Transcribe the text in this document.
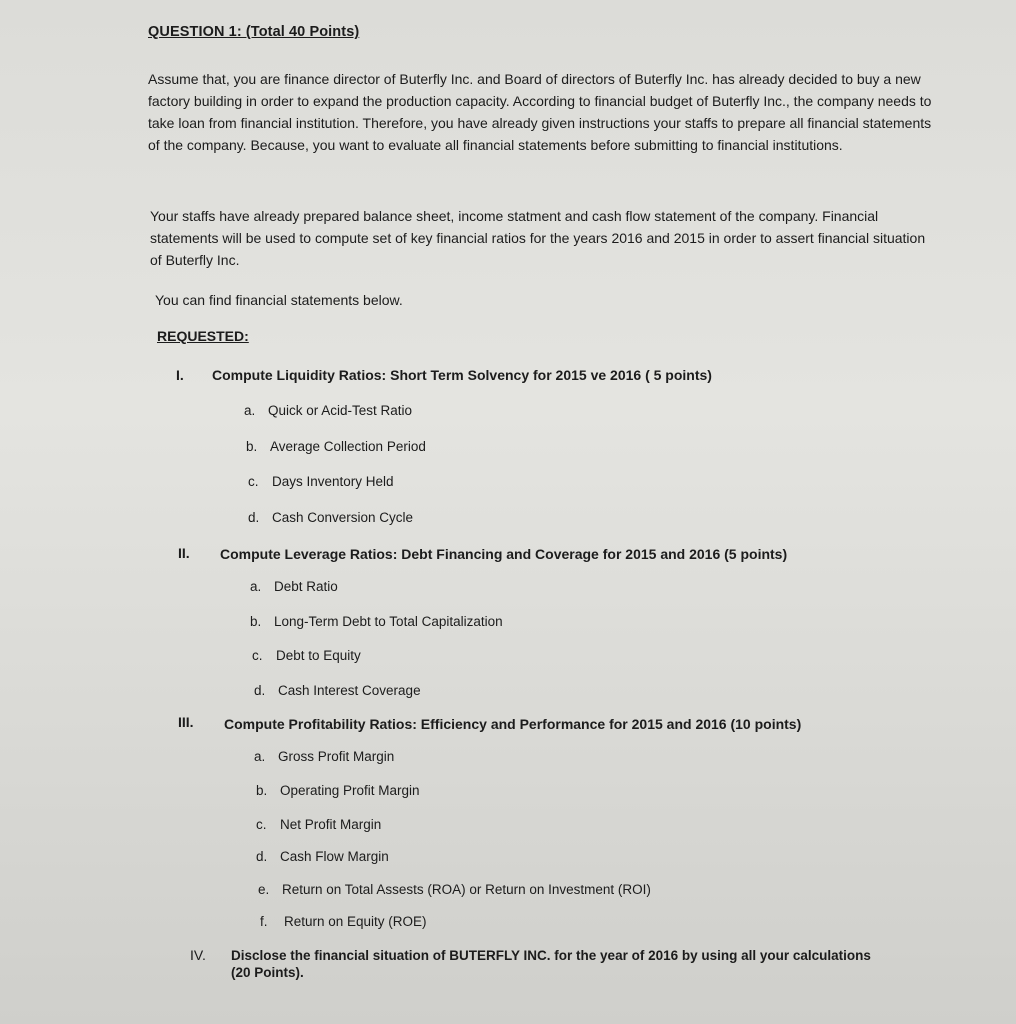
QUESTION 1: (Total 40 Points)

Assume that, you are finance director of Buterfly Inc. and Board of directors of Buterfly Inc. has already decided to buy a new factory building in order to expand the production capacity. According to financial budget of Buterfly Inc., the company needs to take loan from financial institution. Therefore, you have already given instructions your staffs to prepare all financial statements of the company. Because, you want to evaluate all financial statements before submitting to financial institutions.

Your staffs have already prepared balance sheet, income statment and cash flow statement of the company. Financial statements will be used to compute set of key financial ratios for the years 2016 and 2015 in order to assert financial situation of Buterfly Inc.

You can find financial statements below.

REQUESTED:
I. Compute Liquidity Ratios: Short Term Solvency for 2015 ve 2016 ( 5 points)
a. Quick or Acid-Test Ratio
b. Average Collection Period
c. Days Inventory Held
d. Cash Conversion Cycle
II. Compute Leverage Ratios: Debt Financing and Coverage for 2015 and 2016 (5 points)
a. Debt Ratio
b. Long-Term Debt to Total Capitalization
c. Debt to Equity
d. Cash Interest Coverage
III. Compute Profitability Ratios: Efficiency and Performance for 2015 and 2016 (10 points)
a. Gross Profit Margin
b. Operating Profit Margin
c. Net Profit Margin
d. Cash Flow Margin
e. Return on Total Assests (ROA) or Return on Investment (ROI)
f. Return on Equity (ROE)
IV. Disclose the financial situation of BUTERFLY INC. for the year of 2016 by using all your calculations (20 Points).
